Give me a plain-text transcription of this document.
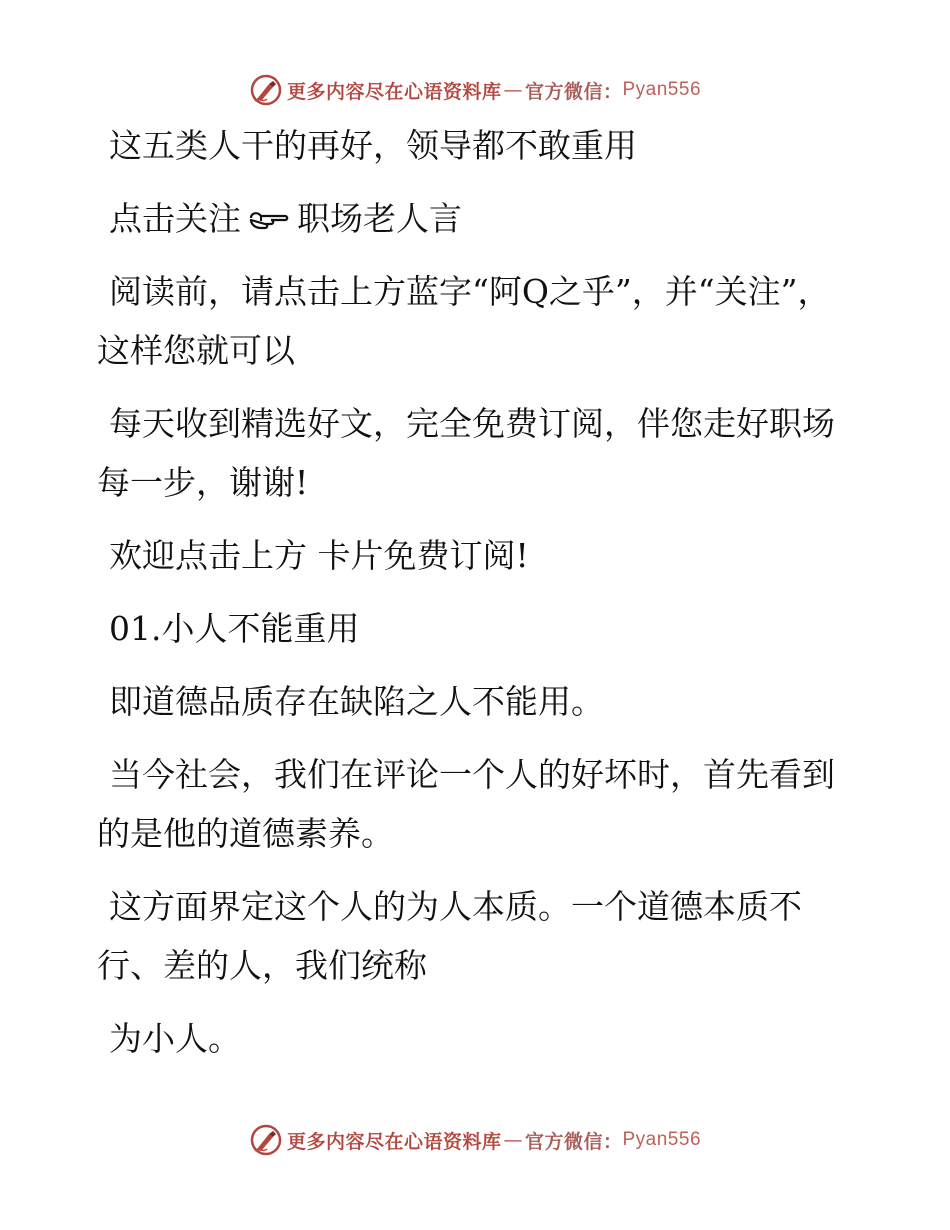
更多内容尽在心语资料库 — 官方微信： Pyan556

这五类人干的再好，领导都不敢重用

点击关注 职场老人言

阅读前，请点击上方蓝字“阿Q之乎”，并“关注”，这样您就可以

每天收到精选好文，完全免费订阅，伴您走好职场每一步，谢谢!

欢迎点击上方 卡片免费订阅!

01.小人不能重用

即道德品质存在缺陷之人不能用。

当今社会，我们在评论一个人的好坏时，首先看到的是他的道德素养。

这方面界定这个人的为人本质。一个道德本质不行、差的人，我们统称

为小人。

更多内容尽在心语资料库 — 官方微信： Pyan556
